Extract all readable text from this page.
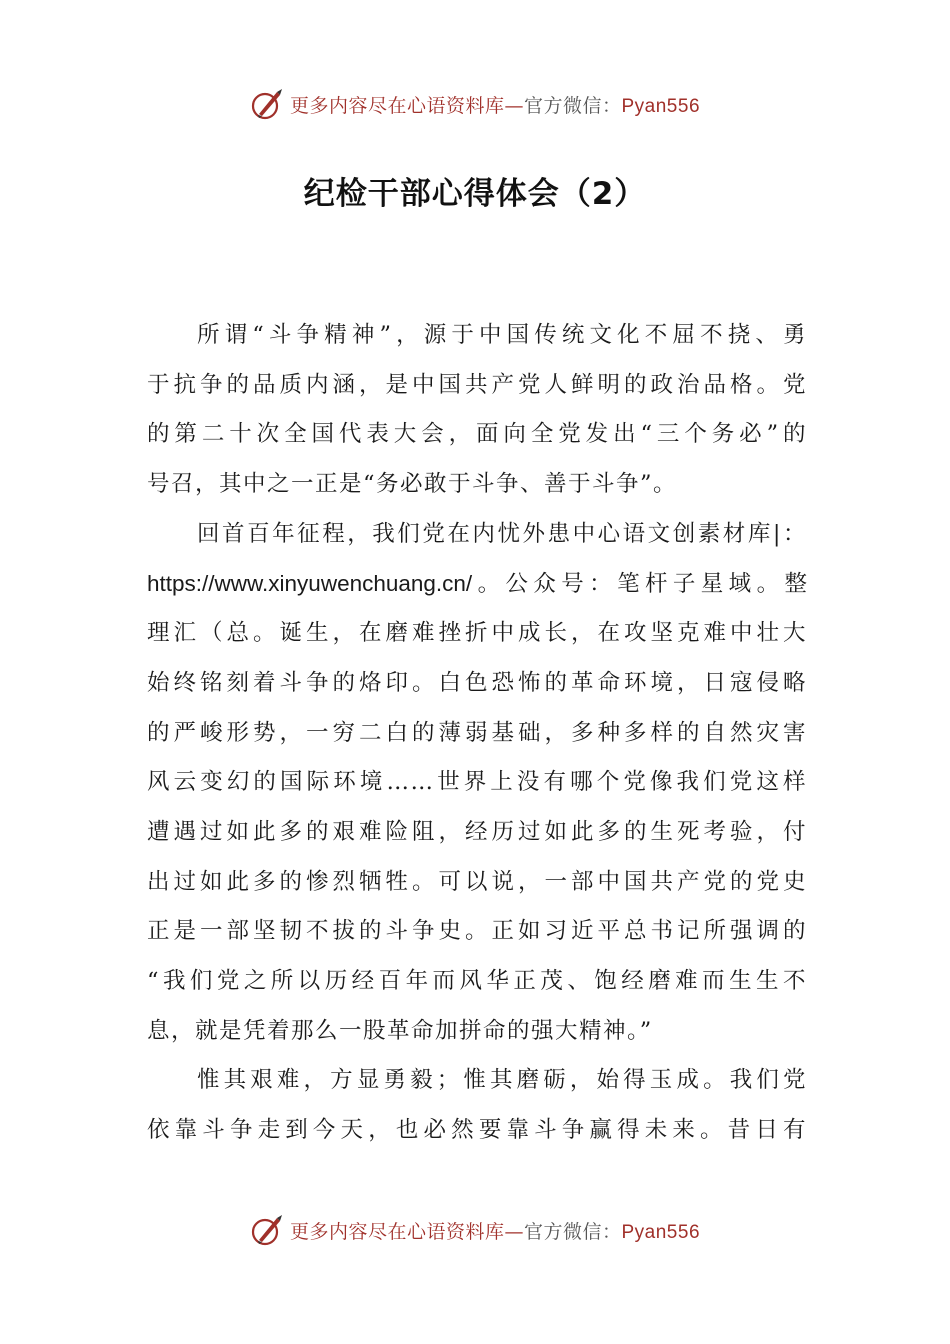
更多内容尽在心语资料库—官方微信：Pyan556
纪检干部心得体会（2）
所谓“斗争精神”，源于中国传统文化不屈不挠、勇
于抗争的品质内涵，是中国共产党人鲜明的政治品格。党
的第二十次全国代表大会，面向全党发出“三个务必”的
号召，其中之一正是“务必敢于斗争、善于斗争”。
回首百年征程，我们党在内忧外患中心语文创素材库|：
https://www.xinyuwenchuang.cn/。公众号：笔杆子星域。整
理汇（总。诞生，在磨难挫折中成长，在攻坚克难中壮大
始终铭刻着斗争的烙印。白色恐怖的革命环境，日寇侵略
的严峻形势，一穷二白的薄弱基础，多种多样的自然灾害
风云变幻的国际环境……世界上没有哪个党像我们党这样
遭遇过如此多的艰难险阻，经历过如此多的生死考验，付
出过如此多的惨烈牺牲。可以说，一部中国共产党的党史
正是一部坚韧不拔的斗争史。正如习近平总书记所强调的
“我们党之所以历经百年而风华正茂、饱经磨难而生生不
息，就是凭着那么一股革命加拼命的强大精神。”
惟其艰难，方显勇毅；惟其磨砺，始得玉成。我们党
依靠斗争走到今天，也必然要靠斗争赢得未来。昔日有
更多内容尽在心语资料库—官方微信：Pyan556
